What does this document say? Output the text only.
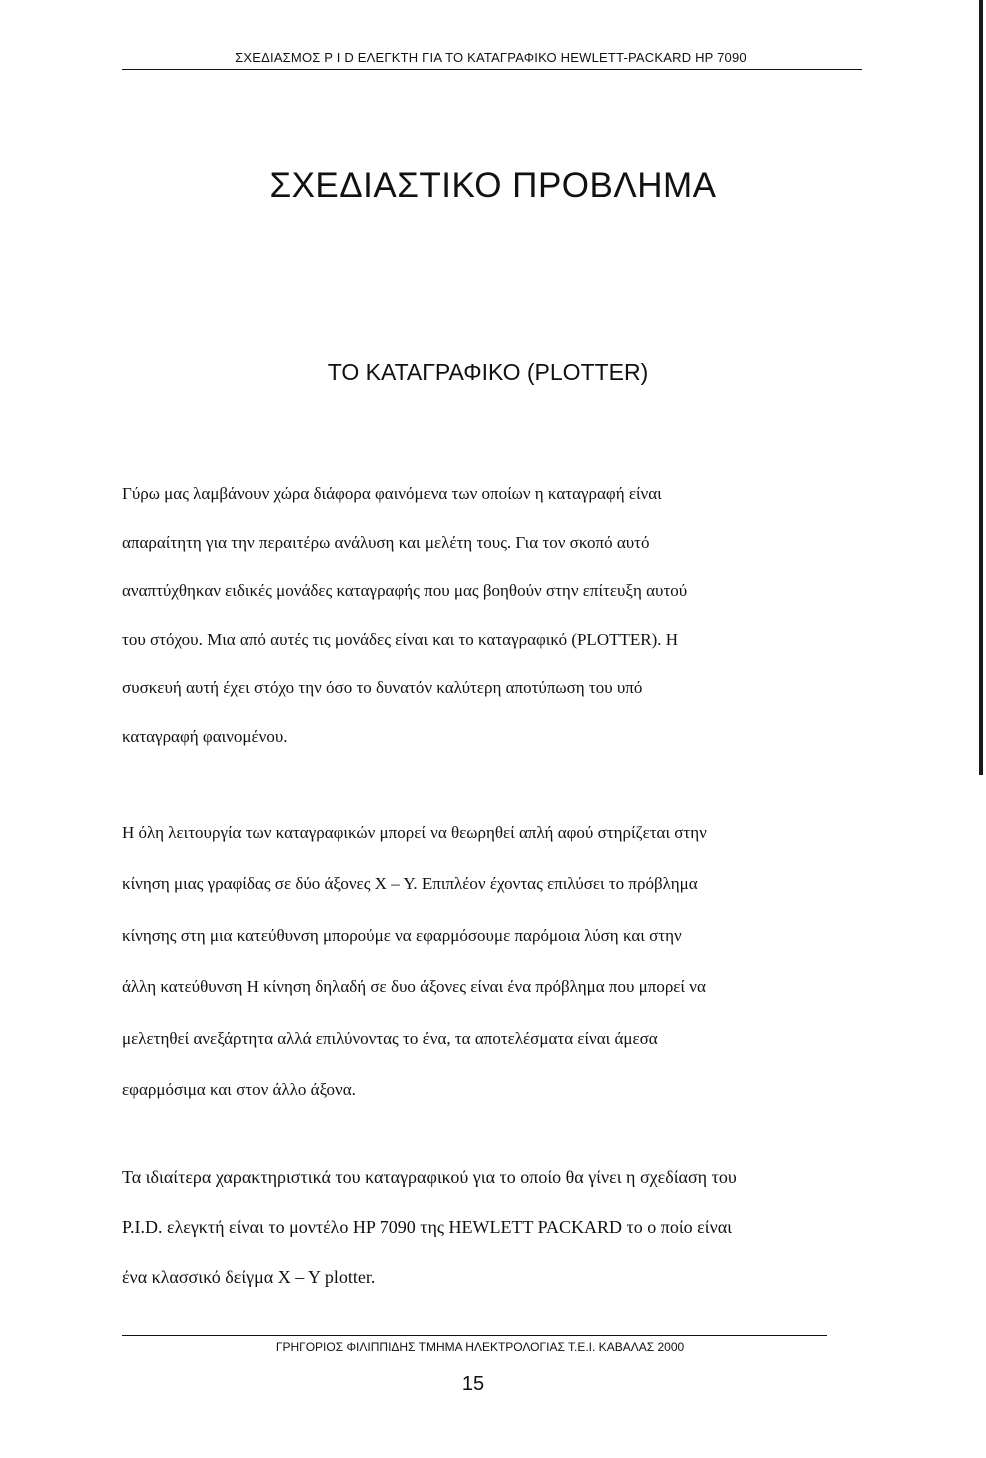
ΣΧΕΔΙΑΣΜΟΣ P I D ΕΛΕΓΚΤΗ ΓΙΑ ΤΟ ΚΑΤΑΓΡΑΦΙΚΟ HEWLETT-PACKARD HP 7090
ΣΧΕΔΙΑΣΤΙΚΟ ΠΡΟΒΛΗΜΑ
ΤΟ ΚΑΤΑΓΡΑΦΙΚΟ (PLOTTER)
Γύρω μας λαμβάνουν χώρα διάφορα φαινόμενα των οποίων η καταγραφή είναι
απαραίτητη για την περαιτέρω ανάλυση και μελέτη τους. Για τον σκοπό αυτό
αναπτύχθηκαν ειδικές μονάδες καταγραφής που μας βοηθούν στην επίτευξη αυτού
του στόχου. Μια από αυτές τις μονάδες είναι και το καταγραφικό (PLOTTER). Η
συσκευή αυτή έχει στόχο την όσο το δυνατόν καλύτερη αποτύπωση του υπό
καταγραφή φαινομένου.
Η όλη λειτουργία των καταγραφικών μπορεί να θεωρηθεί απλή αφού στηρίζεται στην
κίνηση μιας γραφίδας σε δύο άξονες X – Y. Επιπλέον έχοντας επιλύσει το πρόβλημα
κίνησης στη μια κατεύθυνση μπορούμε να εφαρμόσουμε παρόμοια λύση και στην
άλλη κατεύθυνση Η κίνηση δηλαδή σε δυο άξονες είναι ένα πρόβλημα που μπορεί να
μελετηθεί ανεξάρτητα αλλά επιλύνοντας το ένα, τα αποτελέσματα είναι άμεσα
εφαρμόσιμα και στον άλλο άξονα.
Τα ιδιαίτερα χαρακτηριστικά του καταγραφικού για το οποίο θα γίνει η σχεδίαση του
P.I.D. ελεγκτή είναι το μοντέλο HP 7090 της HEWLETT PACKARD το ο ποίο είναι
ένα κλασσικό δείγμα X – Y plotter.
ΓΡΗΓΟΡΙΟΣ ΦΙΛΙΠΠΙΔΗΣ ΤΜΗΜΑ ΗΛΕΚΤΡΟΛΟΓΙΑΣ Τ.Ε.Ι. ΚΑΒΑΛΑΣ 2000
15
